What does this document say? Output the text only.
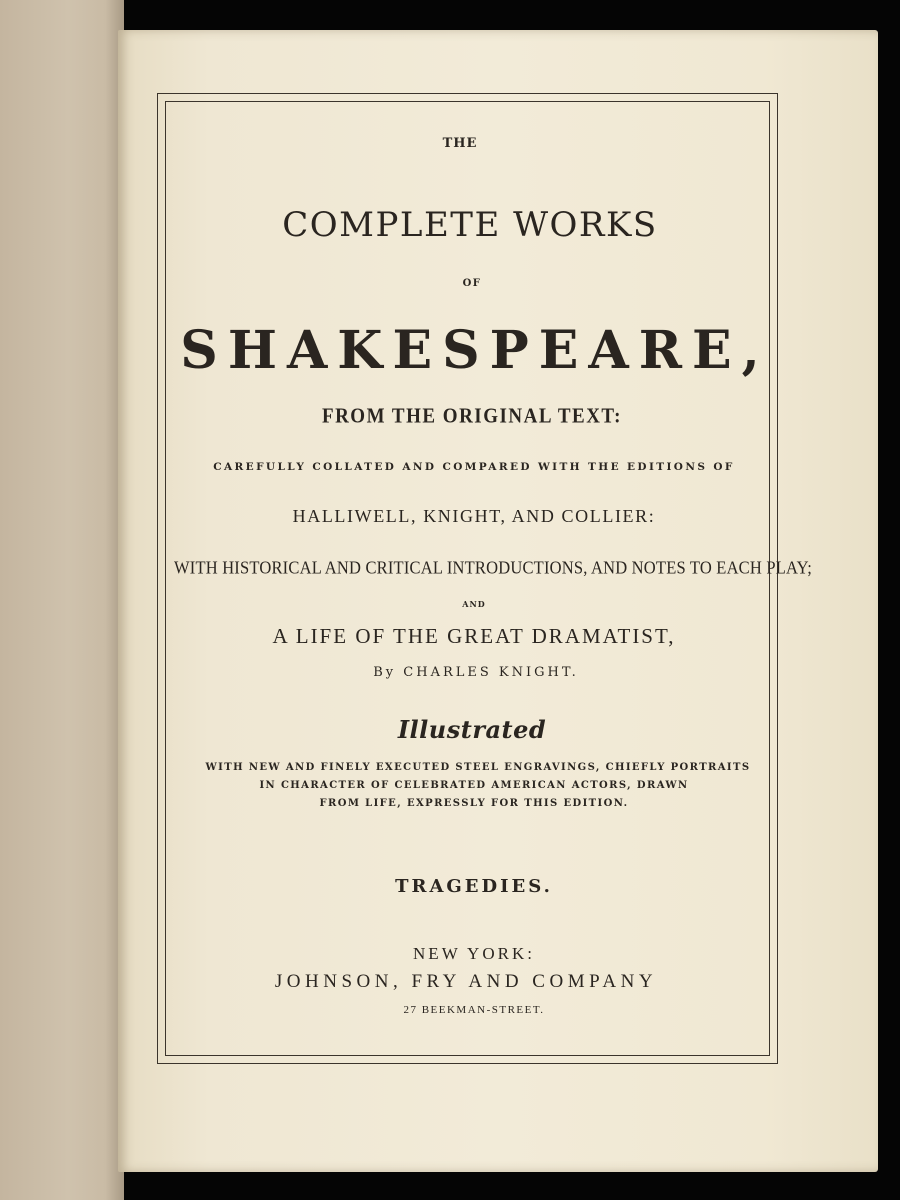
THE
COMPLETE WORKS
OF
SHAKESPEARE,
FROM THE ORIGINAL TEXT:
CAREFULLY COLLATED AND COMPARED WITH THE EDITIONS OF
HALLIWELL, KNIGHT, AND COLLIER:
WITH HISTORICAL AND CRITICAL INTRODUCTIONS, AND NOTES TO EACH PLAY;
AND
A LIFE OF THE GREAT DRAMATIST,
By CHARLES KNIGHT.
Illustrated
WITH NEW AND FINELY EXECUTED STEEL ENGRAVINGS, CHIEFLY PORTRAITS
IN CHARACTER OF CELEBRATED AMERICAN ACTORS, DRAWN
FROM LIFE, EXPRESSLY FOR THIS EDITION.
TRAGEDIES.
NEW YORK:
JOHNSON, FRY AND COMPANY
27 BEEKMAN-STREET.
